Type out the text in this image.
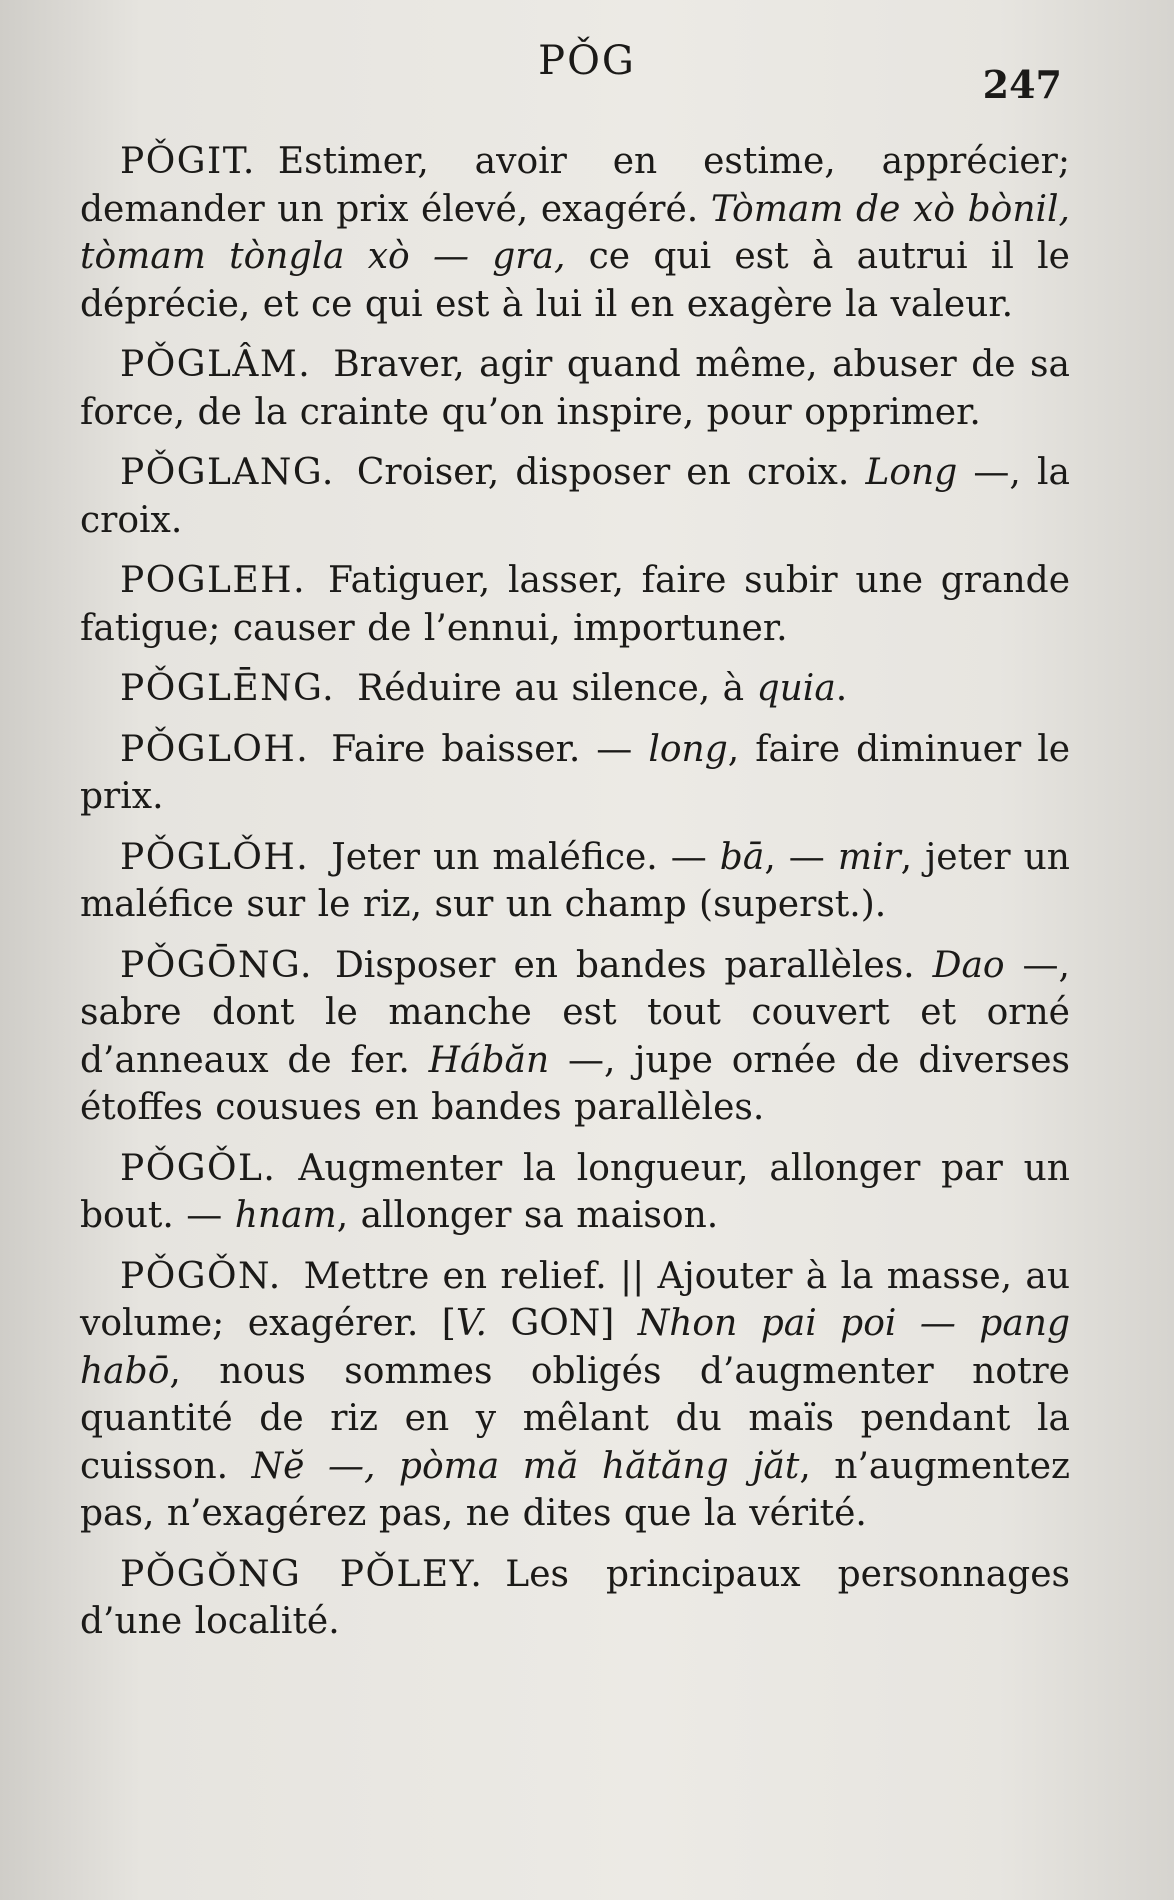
PǑG
247

PǑGIT. Estimer, avoir en estime, apprécier; demander un prix élevé, exagéré. Tòmam de xò bònil, tòmam tòngla xò — gra, ce qui est à autrui il le déprécie, et ce qui est à lui il en exagère la valeur.

PǑGLÂM. Braver, agir quand même, abuser de sa force, de la crainte qu’on inspire, pour opprimer.

PǑGLANG. Croiser, disposer en croix. Long —, la croix.

POGLEH. Fatiguer, lasser, faire subir une grande fatigue; causer de l’ennui, importuner.

PǑGLĒNG. Réduire au silence, à quia.

PǑGLOH. Faire baisser. — long, faire diminuer le prix.

PǑGLǑH. Jeter un maléfice. — bā, — mir, jeter un maléfice sur le riz, sur un champ (superst.).

PǑGŌNG. Disposer en bandes parallèles. Dao —, sabre dont le manche est tout couvert et orné d’anneaux de fer. Hábăn —, jupe ornée de diverses étoffes cousues en bandes parallèles.

PǑGǑL. Augmenter la longueur, allonger par un bout. — hnam, allonger sa maison.

PǑGǑN. Mettre en relief. || Ajouter à la masse, au volume; exagérer. [V. GON] Nhon pai poi — pang habō, nous sommes obligés d’augmenter notre quantité de riz en y mêlant du maïs pendant la cuisson. Nĕ —, pòma mă hătăng jăt, n’augmentez pas, n’exagérez pas, ne dites que la vérité.

PǑGǑNG PǑLEY. Les principaux personnages d’une localité.
